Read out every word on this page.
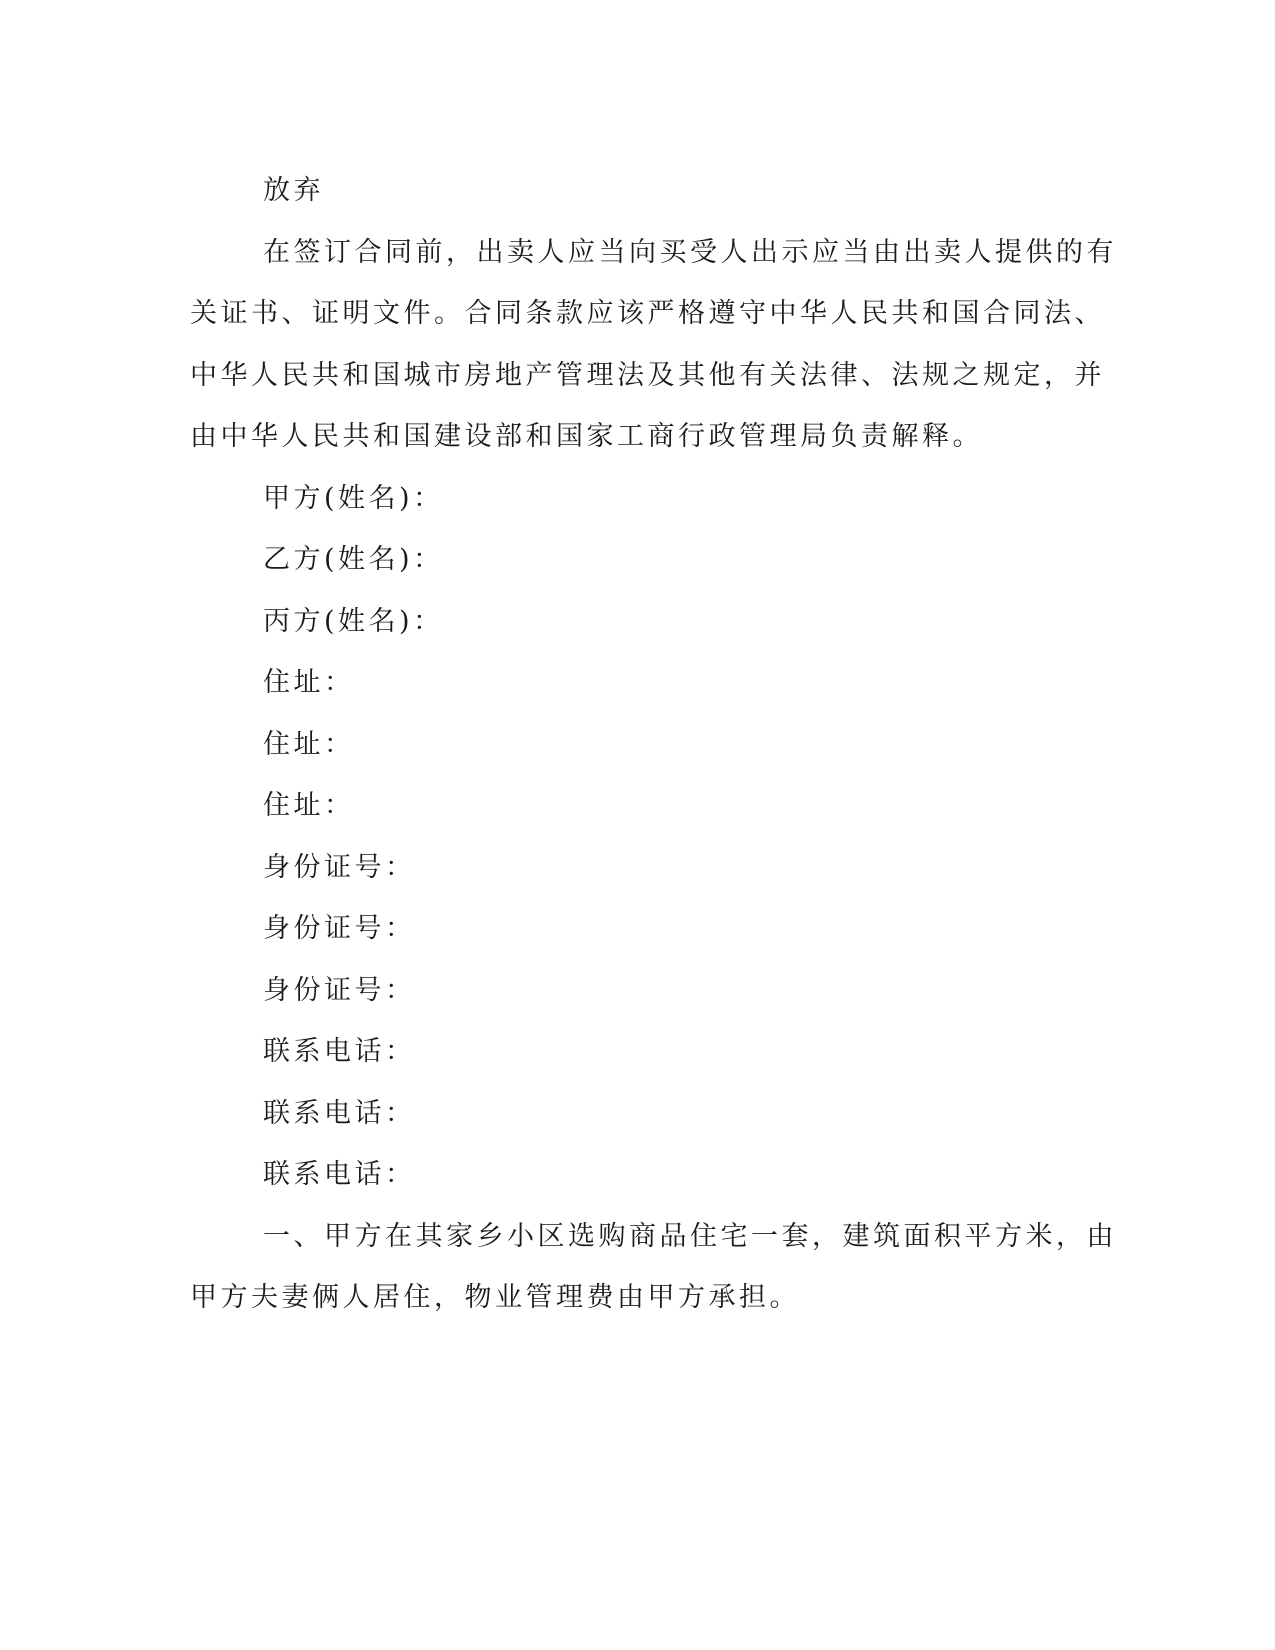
放弃

在签订合同前，出卖人应当向买受人出示应当由出卖人提供的有
关证书、证明文件。合同条款应该严格遵守中华人民共和国合同法、
中华人民共和国城市房地产管理法及其他有关法律、法规之规定，并
由中华人民共和国建设部和国家工商行政管理局负责解释。

甲方(姓名)：

乙方(姓名)：

丙方(姓名)：

住址：

住址：

住址：

身份证号：

身份证号：

身份证号：

联系电话：

联系电话：

联系电话：

一、甲方在其家乡小区选购商品住宅一套，建筑面积平方米，由
甲方夫妻俩人居住，物业管理费由甲方承担。
